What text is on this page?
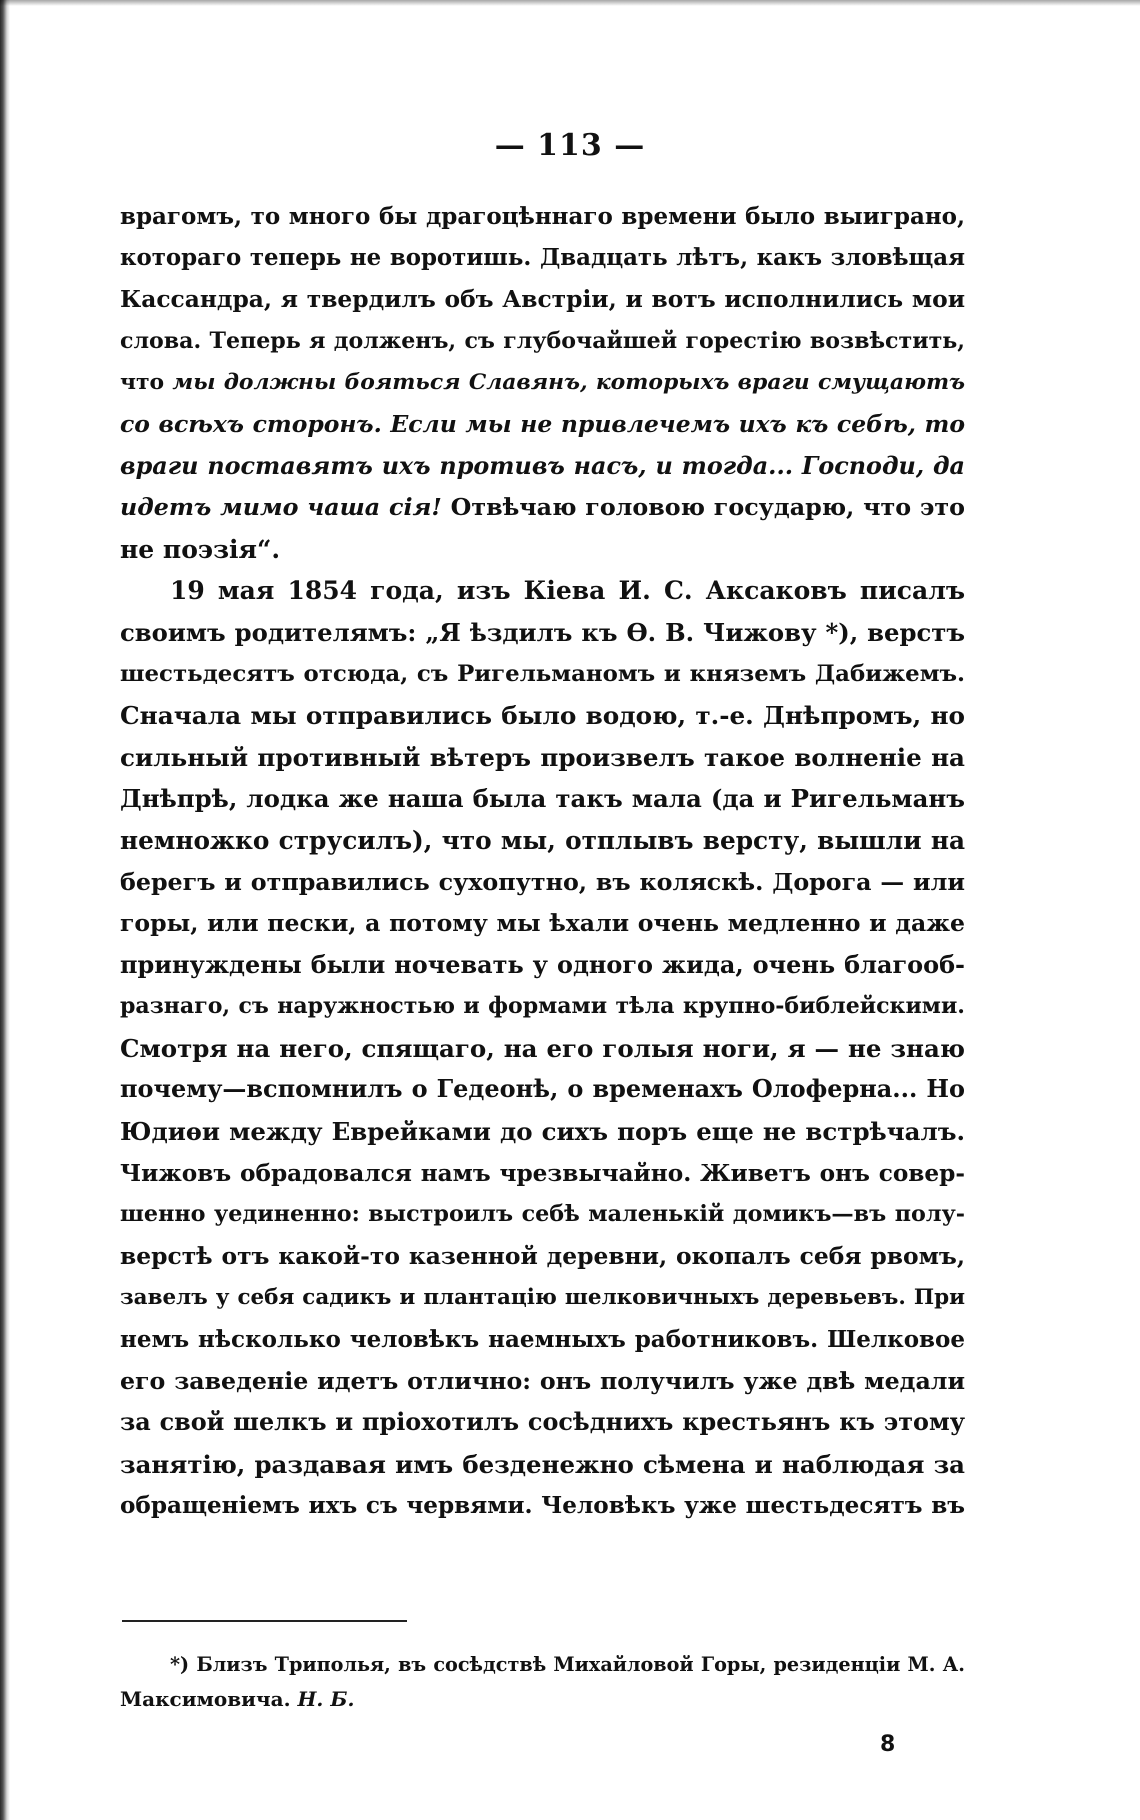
— 113 —
врагомъ, то много бы драгоцѣннаго времени было выиграно,
котораго теперь не воротишь. Двадцать лѣтъ, какъ зловѣщая
Кассандра, я твердилъ объ Австріи, и вотъ исполнились мои
слова. Теперь я долженъ, съ глубочайшей горестію возвѣстить,
что мы должны бояться Славянъ, которыхъ враги смущаютъ
со всѣхъ сторонъ. Если мы не привлечемъ ихъ къ себѣ, то
враги поставятъ ихъ противъ насъ, и тогда... Господи, да
идетъ мимо чаша сія! Отвѣчаю головою государю, что это
не поэзія“.
19 мая 1854 года, изъ Кіева И. С. Аксаковъ писалъ
своимъ родителямъ: „Я ѣздилъ къ Ѳ. В. Чижову *), верстъ
шестьдесятъ отсюда, съ Ригельманомъ и княземъ Дабижемъ.
Сначала мы отправились было водою, т.-е. Днѣпромъ, но
сильный противный вѣтеръ произвелъ такое волненіе на
Днѣпрѣ, лодка же наша была такъ мала (да и Ригельманъ
немножко струсилъ), что мы, отплывъ версту, вышли на
берегъ и отправились сухопутно, въ коляскѣ. Дорога — или
горы, или пески, а потому мы ѣхали очень медленно и даже
принуждены были ночевать у одного жида, очень благооб-
разнаго, съ наружностью и формами тѣла крупно-библейскими.
Смотря на него, спящаго, на его голыя ноги, я — не знаю
почему—вспомнилъ о Гедеонѣ, о временахъ Олоферна... Но
Юдиѳи между Еврейками до сихъ поръ еще не встрѣчалъ.
Чижовъ обрадовался намъ чрезвычайно. Живетъ онъ совер-
шенно уединенно: выстроилъ себѣ маленькій домикъ—въ полу-
верстѣ отъ какой-то казенной деревни, окопалъ себя рвомъ,
завелъ у себя садикъ и плантацію шелковичныхъ деревьевъ. При
немъ нѣсколько человѣкъ наемныхъ работниковъ. Шелковое
его заведеніе идетъ отлично: онъ получилъ уже двѣ медали
за свой шелкъ и пріохотилъ сосѣднихъ крестьянъ къ этому
занятію, раздавая имъ безденежно сѣмена и наблюдая за
обращеніемъ ихъ съ червями. Человѣкъ уже шестьдесятъ въ
*) Близъ Триполья, въ сосѣдствѣ Михайловой Горы, резиденціи М. А.
Максимовича. Н. Б.
8
